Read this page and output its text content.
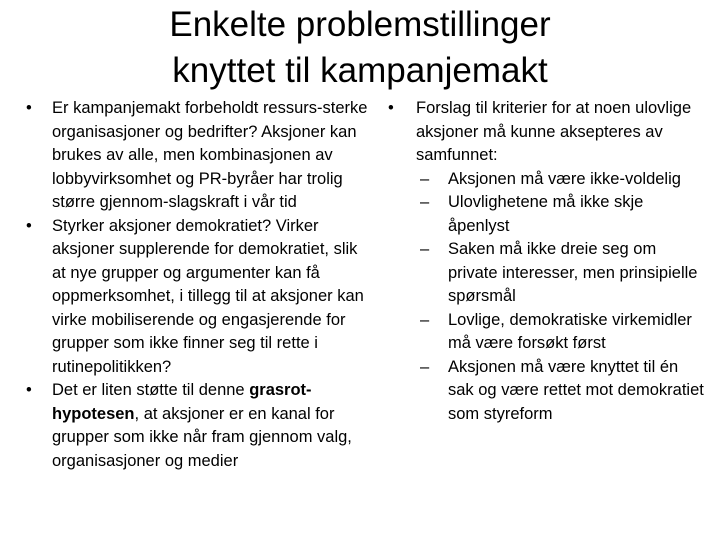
Enkelte problemstillinger
knyttet til kampanjemakt
• Er kampanjemakt forbeholdt ressurs-sterke organisasjoner og bedrifter? Aksjoner kan brukes av alle, men kombinasjonen av lobbyvirksomhet og PR-byråer har trolig større gjennom-slagskraft i vår tid
• Styrker aksjoner demokratiet? Virker aksjoner supplerende for demokratiet, slik at nye grupper og argumenter kan få oppmerksomhet, i tillegg til at aksjoner kan virke mobiliserende og engasjerende for grupper som ikke finner seg til rette i rutinepolitikken?
• Det er liten støtte til denne grasrot-hypotesen, at aksjoner er en kanal for grupper som ikke når fram gjennom valg, organisasjoner og medier
• Forslag til kriterier for at noen ulovlige aksjoner må kunne aksepteres av samfunnet:
– Aksjonen må være ikke-voldelig
– Ulovlighetene må ikke skje åpenlyst
– Saken må ikke dreie seg om private interesser, men prinsipielle spørsmål
– Lovlige, demokratiske virkemidler må være forsøkt først
– Aksjonen må være knyttet til én sak og være rettet mot demokratiet som styreform
